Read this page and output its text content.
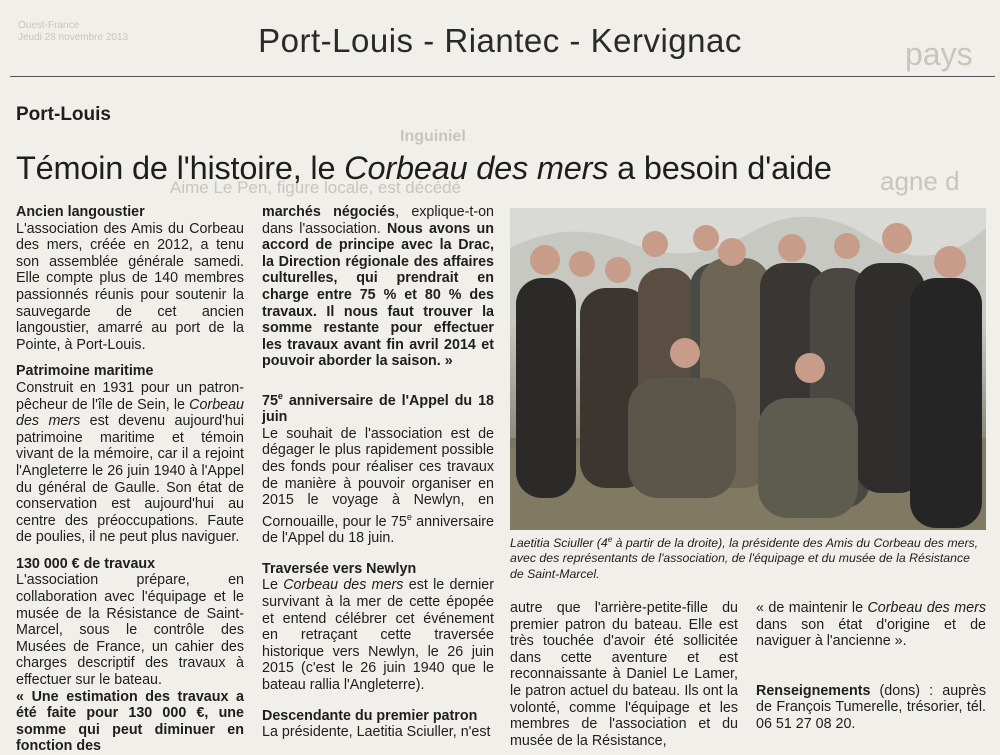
Ouest-France
Jeudi 28 novembre 2013	pays
Inguiniel
Aime Le Pen, figure locale, est décédé	agne d
Port-Louis - Riantec - Kervignac
Port-Louis
Témoin de l'histoire, le Corbeau des mers a besoin d'aide
Ancien langoustier

L'association des Amis du Corbeau des mers, créée en 2012, a tenu son assemblée générale samedi. Elle compte plus de 140 membres passionnés réunis pour soutenir la sauvegarde de cet ancien langoustier, amarré au port de la Pointe, à Port-Louis.

Patrimoine maritime

Construit en 1931 pour un patron-pêcheur de l'île de Sein, le Corbeau des mers est devenu aujourd'hui patrimoine maritime et témoin vivant de la mémoire, car il a rejoint l'Angleterre le 26 juin 1940 à l'Appel du général de Gaulle. Son état de conservation est aujourd'hui au centre des préoccupations. Faute de poulies, il ne peut plus naviguer.

130 000 € de travaux

L'association prépare, en collaboration avec l'équipage et le musée de la Résistance de Saint-Marcel, sous le contrôle des Musées de France, un cahier des charges descriptif des travaux à effectuer sur le bateau.

« Une estimation des travaux a été faite pour 130 000 €, une somme qui peut diminuer en fonction des

marchés négociés, explique-t-on dans l'association. Nous avons un accord de principe avec la Drac, la Direction régionale des affaires culturelles, qui prendrait en charge entre 75 % et 80 % des travaux. Il nous faut trouver la somme restante pour effectuer les travaux avant fin avril 2014 et pouvoir aborder la saison. »

75e anniversaire de l'Appel du 18 juin

Le souhait de l'association est de dégager le plus rapidement possible des fonds pour réaliser ces travaux de manière à pouvoir organiser en 2015 le voyage à Newlyn, en Cornouaille, pour le 75e anniversaire de l'Appel du 18 juin.

Traversée vers Newlyn

Le Corbeau des mers est le dernier survivant à la mer de cette épopée et entend célébrer cet événement en retraçant cette traversée historique vers Newlyn, le 26 juin 2015 (c'est le 26 juin 1940 que le bateau rallia l'Angleterre).

Descendante du premier patron

La présidente, Laetitia Sciuller, n'est

Laetitia Sciuller (4e à partir de la droite), la présidente des Amis du Corbeau des mers, avec des représentants de l'association, de l'équipage et du musée de la Résistance de Saint-Marcel.

autre que l'arrière-petite-fille du premier patron du bateau. Elle est très touchée d'avoir été sollicitée dans cette aventure et est reconnaissante à Daniel Le Lamer, le patron actuel du bateau. Ils ont la volonté, comme l'équipage et les membres de l'association et du musée de la Résistance,

« de maintenir le Corbeau des mers dans son état d'origine et de naviguer à l'ancienne ».

Renseignements (dons) : auprès de François Tumerelle, trésorier, tél. 06 51 27 08 20.
